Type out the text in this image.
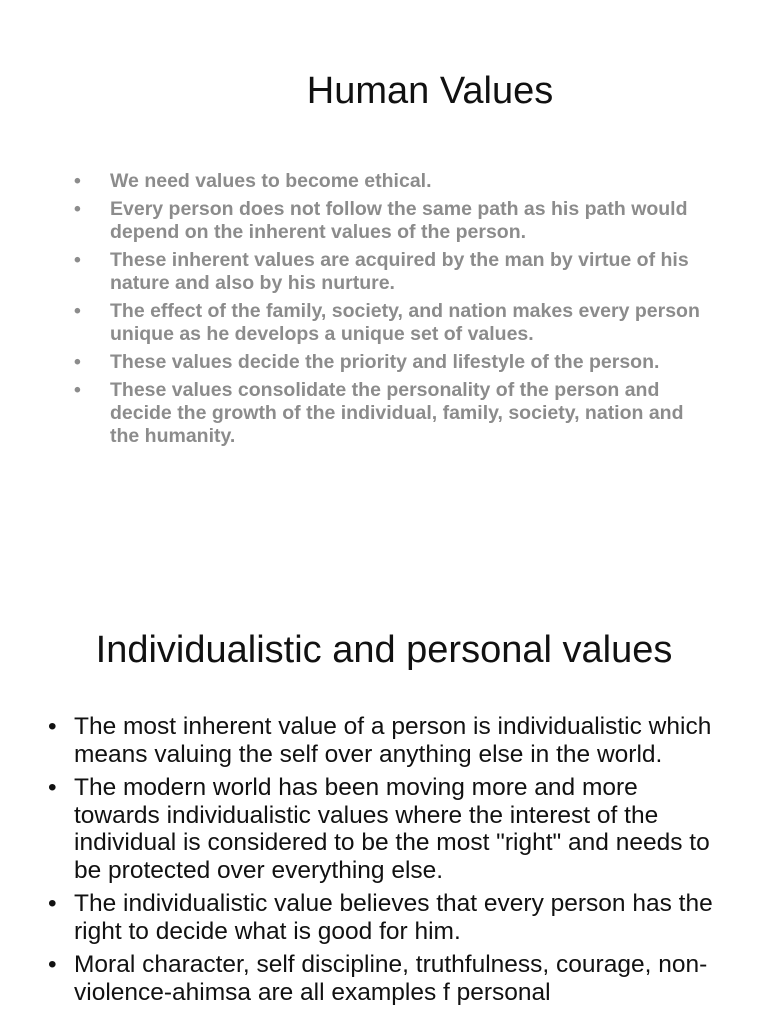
Human Values
• We need values to become ethical.
• Every person does not follow the same path as his path would depend on the inherent values of the person.
• These inherent values are acquired by the man by virtue of his nature and also by his nurture.
• The effect of the family, society, and nation makes every person unique as he develops a unique set of values.
• These values decide the priority and lifestyle of the person.
• These values consolidate the personality of the person and decide the growth of the individual, family, society, nation and the humanity.
Individualistic and personal values
• The most inherent value of a person is individualistic which means valuing the self over anything else in the world.
• The modern world has been moving more and more towards individualistic values where the interest of the individual is considered to be the most "right" and needs to be protected over everything else.
• The individualistic value believes that every person has the right to decide what is good for him.
• Moral character, self discipline, truthfulness, courage, non-violence-ahimsa are all examples f personal
